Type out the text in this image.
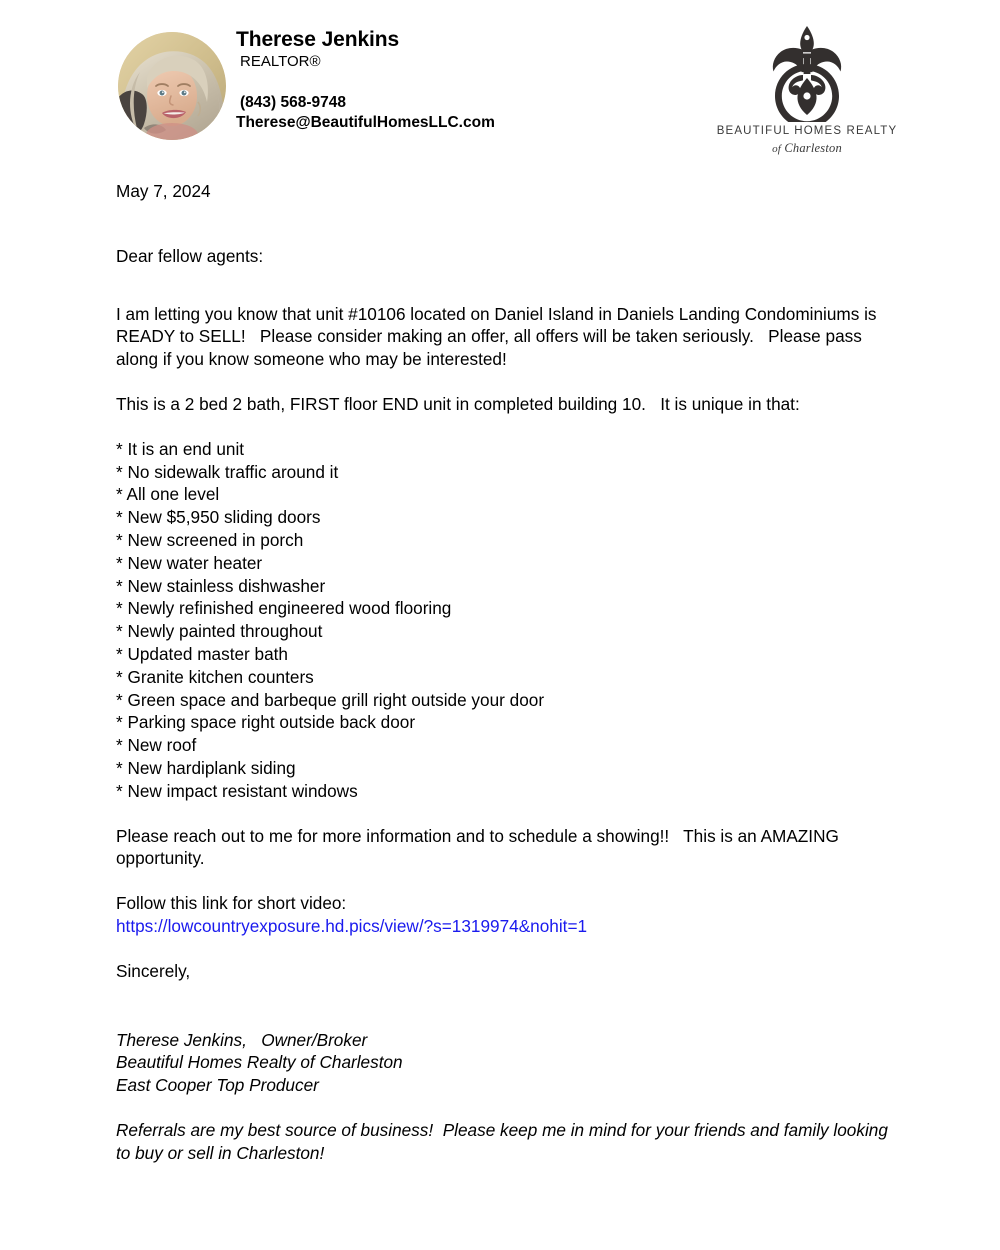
Therese Jenkins
REALTOR®
(843) 568-9748
Therese@BeautifulHomesLLC.com	BEAUTIFUL HOMES REALTY
of Charleston
May 7, 2024
Dear fellow agents:

I am letting you know that unit #10106 located on Daniel Island in Daniels Landing Condominiums is READY to SELL!   Please consider making an offer, all offers will be taken seriously.   Please pass along if you know someone who may be interested!

This is a 2 bed 2 bath, FIRST floor END unit in completed building 10.   It is unique in that:

* It is an end unit
* No sidewalk traffic around it
* All one level
* New $5,950 sliding doors
* New screened in porch
* New water heater
* New stainless dishwasher
* Newly refinished engineered wood flooring
* Newly painted throughout
* Updated master bath
* Granite kitchen counters
* Green space and barbeque grill right outside your door
* Parking space right outside back door
* New roof
* New hardiplank siding
* New impact resistant windows

Please reach out to me for more information and to schedule a showing!!   This is an AMAZING opportunity.

Follow this link for short video:

https://lowcountryexposure.hd.pics/view/?s=1319974&nohit=1

Sincerely,

Therese Jenkins,   Owner/Broker
Beautiful Homes Realty of Charleston
East Cooper Top Producer

Referrals are my best source of business!  Please keep me in mind for your friends and family looking to buy or sell in Charleston!
